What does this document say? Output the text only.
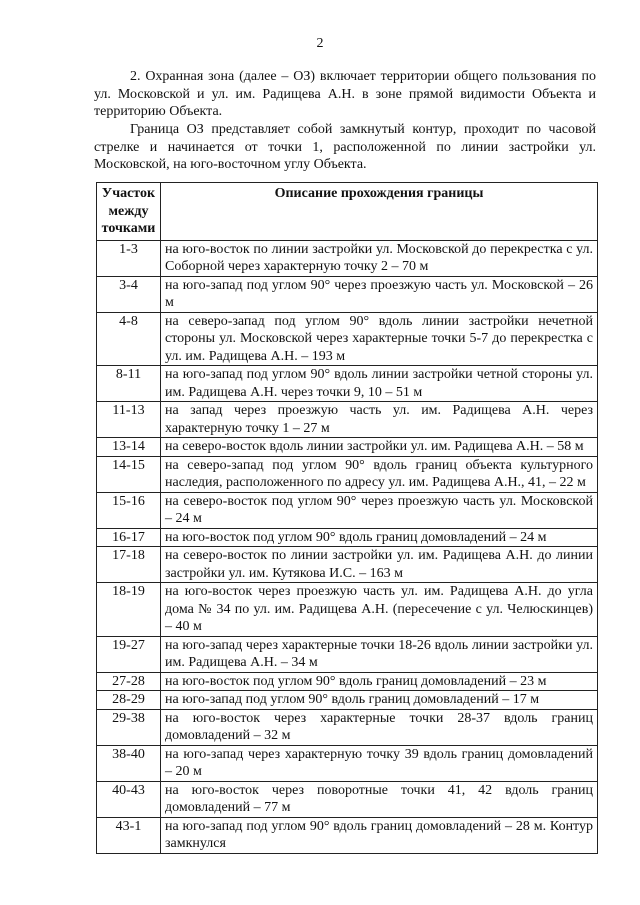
2

2. Охранная зона (далее – ОЗ) включает территории общего пользования по ул. Московской и ул. им. Радищева А.Н. в зоне прямой видимости Объекта и территорию Объекта.

Граница ОЗ представляет собой замкнутый контур, проходит по часовой стрелке и начинается от точки 1, расположенной по линии застройки ул. Московской, на юго-восточном углу Объекта.

Участок между точками	Описание прохождения границы
1-3	на юго-восток по линии застройки ул. Московской до перекрестка с ул. Соборной через характерную точку 2 – 70 м
3-4	на юго-запад под углом 90° через проезжую часть ул. Московской – 26 м
4-8	на северо-запад под углом 90° вдоль линии застройки нечетной стороны ул. Московской через характерные точки 5-7 до перекрестка с ул. им. Радищева А.Н. – 193 м
8-11	на юго-запад под углом 90° вдоль линии застройки четной стороны ул. им. Радищева А.Н. через точки 9, 10 – 51 м
11-13	на запад через проезжую часть ул. им. Радищева А.Н. через характерную точку 1 – 27 м
13-14	на северо-восток вдоль линии застройки ул. им. Радищева А.Н. – 58 м
14-15	на северо-запад под углом 90° вдоль границ объекта культурного наследия, расположенного по адресу ул. им. Радищева А.Н., 41, – 22 м
15-16	на северо-восток под углом 90° через проезжую часть ул. Московской – 24 м
16-17	на юго-восток под углом 90° вдоль границ домовладений – 24 м
17-18	на северо-восток по линии застройки ул. им. Радищева А.Н. до линии застройки ул. им. Кутякова И.С. – 163 м
18-19	на юго-восток через проезжую часть ул. им. Радищева А.Н. до угла дома № 34 по ул. им. Радищева А.Н. (пересечение с ул. Челюскинцев) – 40 м
19-27	на юго-запад через характерные точки 18-26 вдоль линии застройки ул. им. Радищева А.Н. – 34 м
27-28	на юго-восток под углом 90° вдоль границ домовладений – 23 м
28-29	на юго-запад под углом 90° вдоль границ домовладений – 17 м
29-38	на юго-восток через характерные точки 28-37 вдоль границ домовладений – 32 м
38-40	на юго-запад через характерную точку 39 вдоль границ домовладений – 20 м
40-43	на юго-восток через поворотные точки 41, 42 вдоль границ домовладений – 77 м
43-1	на юго-запад под углом 90° вдоль границ домовладений – 28 м. Контур замкнулся
